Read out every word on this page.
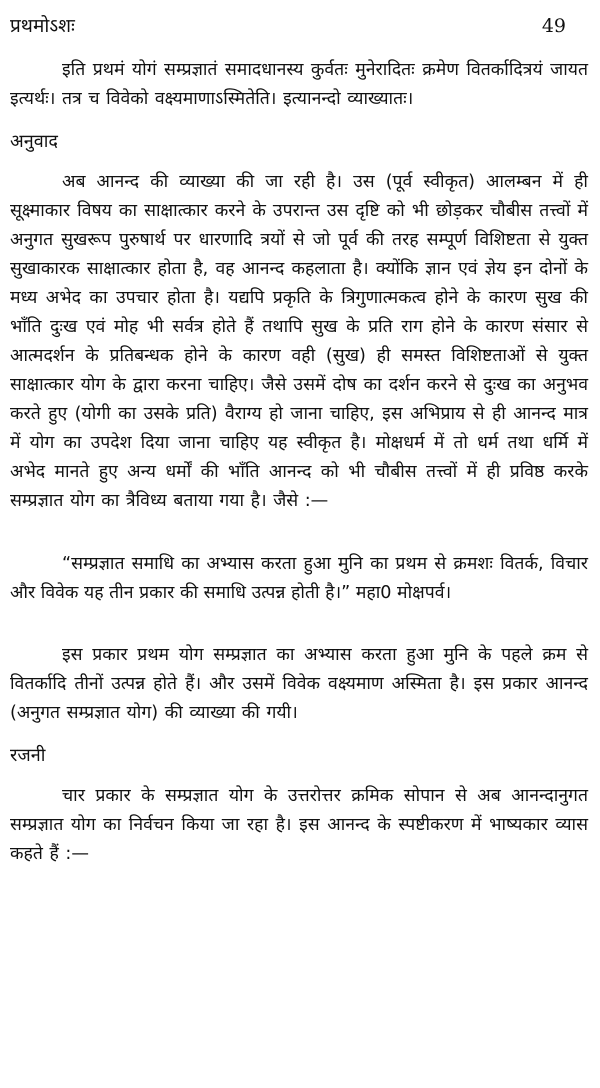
प्रथमोऽशः	49

इति प्रथमं योगं सम्प्रज्ञातं समादधानस्य कुर्वतः मुनेरादितः क्रमेण वितर्कादित्रयं जायत इत्यर्थः। तत्र च विवेको वक्ष्यमाणाऽस्मितेति। इत्यानन्दो व्याख्यातः।

अनुवाद

अब आनन्द की व्याख्या की जा रही है। उस (पूर्व स्वीकृत) आलम्बन में ही सूक्ष्माकार विषय का साक्षात्कार करने के उपरान्त उस दृष्टि को भी छोड़कर चौबीस तत्त्वों में अनुगत सुखरूप पुरुषार्थ पर धारणादि त्रयों से जो पूर्व की तरह सम्पूर्ण विशिष्टता से युक्त सुखाकारक साक्षात्कार होता है, वह आनन्द कहलाता है। क्योंकि ज्ञान एवं ज्ञेय इन दोनों के मध्य अभेद का उपचार होता है। यद्यपि प्रकृति के त्रिगुणात्मकत्व होने के कारण सुख की भाँति दुःख एवं मोह भी सर्वत्र होते हैं तथापि सुख के प्रति राग होने के कारण संसार से आत्मदर्शन के प्रतिबन्धक होने के कारण वही (सुख) ही समस्त विशिष्टताओं से युक्त साक्षात्कार योग के द्वारा करना चाहिए। जैसे उसमें दोष का दर्शन करने से दुःख का अनुभव करते हुए (योगी का उसके प्रति) वैराग्य हो जाना चाहिए, इस अभिप्राय से ही आनन्द मात्र में योग का उपदेश दिया जाना चाहिए यह स्वीकृत है। मोक्षधर्म में तो धर्म तथा धर्मि में अभेद मानते हुए अन्य धर्मों की भाँति आनन्द को भी चौबीस तत्त्वों में ही प्रविष्ठ करके सम्प्रज्ञात योग का त्रैविध्य बताया गया है। जैसे :—

“सम्प्रज्ञात समाधि का अभ्यास करता हुआ मुनि का प्रथम से क्रमशः वितर्क, विचार और विवेक यह तीन प्रकार की समाधि उत्पन्न होती है।” महा0 मोक्षपर्व।

इस प्रकार प्रथम योग सम्प्रज्ञात का अभ्यास करता हुआ मुनि के पहले क्रम से वितर्कादि तीनों उत्पन्न होते हैं। और उसमें विवेक वक्ष्यमाण अस्मिता है। इस प्रकार आनन्द (अनुगत सम्प्रज्ञात योग) की व्याख्या की गयी।

रजनी

चार प्रकार के सम्प्रज्ञात योग के उत्तरोत्तर क्रमिक सोपान से अब आनन्दानुगत सम्प्रज्ञात योग का निर्वचन किया जा रहा है। इस आनन्द के स्पष्टीकरण में भाष्यकार व्यास कहते हैं :—
